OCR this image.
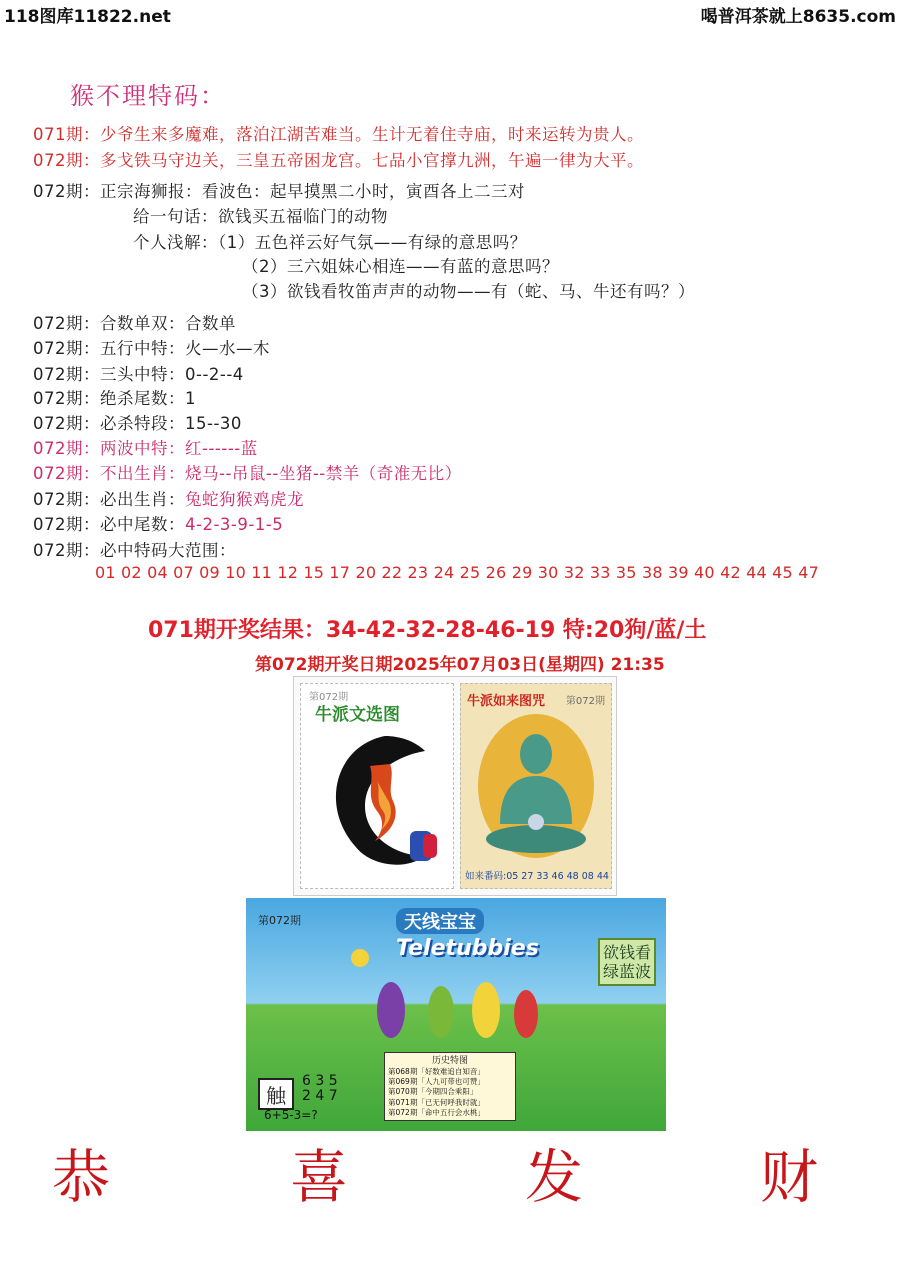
118图库11822.net	喝普洱茶就上8635.com
猴不理特码：
071期：少爷生来多魔难，落泊江湖苦难当。生计无着住寺庙，时来运转为贵人。
072期：多戈铁马守边关，三皇五帝困龙宫。七品小官撑九洲，午遍一律为大平。
072期：正宗海狮报：看波色：起早摸黑二小时，寅酉各上二三对
给一句话：欲钱买五福临门的动物
个人浅解：（1）五色祥云好气氛——有绿的意思吗？
（2）三六姐妹心相连——有蓝的意思吗？
（3）欲钱看牧笛声声的动物——有（蛇、马、牛还有吗？）
072期：合数单双：合数单
072期：五行中特：火—水—木
072期：三头中特：0--2--4
072期：绝杀尾数：1
072期：必杀特段：15--30
072期：两波中特：红------蓝
072期：不出生肖：烧马--吊鼠--坐猪--禁羊（奇准无比）
072期：必出生肖：兔蛇狗猴鸡虎龙
072期：必中尾数：4-2-3-9-1-5
072期：必中特码大范围：
01 02 04 07 09 10 11 12 15 17 20 22 23 24 25 26 29 30 32 33 35 38 39 40 42 44 45 47
071期开奖结果：34-42-32-28-46-19 特:20狗/蓝/土
第072期开奖日期2025年07月03日(星期四) 21:35
第072期
牛派文选图
牛派如来图咒 第072期
如来番码:05 27 33 46 48 08 44
第072期	天线宝宝
Teletubbies	欲钱看绿蓝波
触
6 3 5
2 4 7
6+5-3=?
历史特图
第068期「好数难追自知音」
第069期「人九可带也可赞」
第070期「今期四合乘阳」
第071期「已无何呼我时就」
第072期「命中五行会水桃」
恭	喜	发	财
